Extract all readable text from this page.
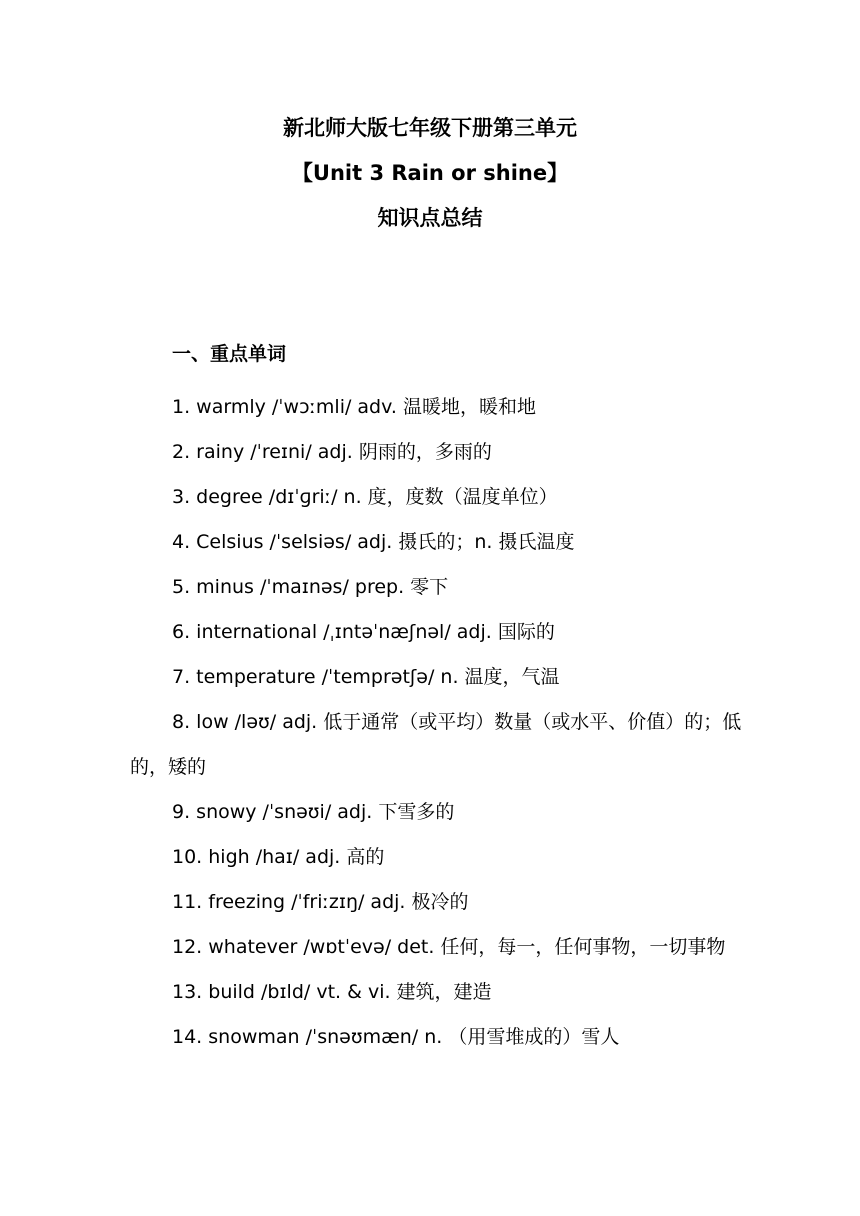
新北师大版七年级下册第三单元
【Unit 3 Rain or shine】
知识点总结
一、重点单词
1. warmly /ˈwɔːmli/ adv. 温暖地，暖和地
2. rainy /ˈreɪni/ adj. 阴雨的，多雨的
3. degree /dɪˈɡriː/ n. 度，度数（温度单位）
4. Celsius /ˈselsiəs/ adj. 摄氏的；n. 摄氏温度
5. minus /ˈmaɪnəs/ prep. 零下
6. international /ˌɪntəˈnæʃnəl/ adj. 国际的
7. temperature /ˈtemprətʃə/ n. 温度，气温
8. low /ləʊ/ adj. 低于通常（或平均）数量（或水平、价值）的；低的，矮的
9. snowy /ˈsnəʊi/ adj. 下雪多的
10. high /haɪ/ adj. 高的
11. freezing /ˈfriːzɪŋ/ adj. 极冷的
12. whatever /wɒtˈevə/ det. 任何，每一，任何事物，一切事物
13. build /bɪld/ vt. & vi. 建筑，建造
14. snowman /ˈsnəʊmæn/ n. （用雪堆成的）雪人
